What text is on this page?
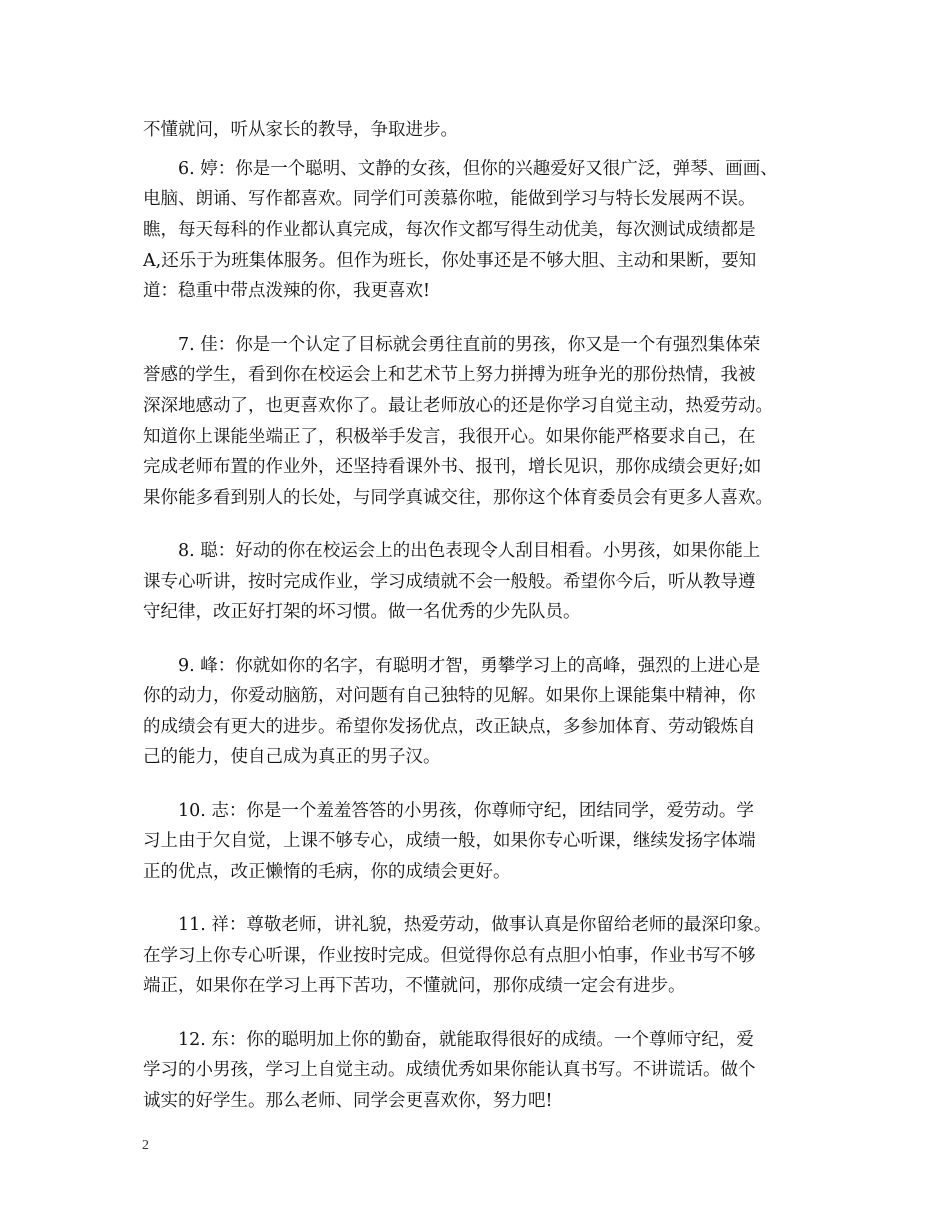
不懂就问，听从家长的教导，争取进步。
6. 婷：你是一个聪明、文静的女孩，但你的兴趣爱好又很广泛，弹琴、画画、
电脑、朗诵、写作都喜欢。同学们可羡慕你啦，能做到学习与特长发展两不误。
瞧，每天每科的作业都认真完成，每次作文都写得生动优美，每次测试成绩都是
A,还乐于为班集体服务。但作为班长，你处事还是不够大胆、主动和果断，要知
道：稳重中带点泼辣的你，我更喜欢!
7. 佳：你是一个认定了目标就会勇往直前的男孩，你又是一个有强烈集体荣
誉感的学生，看到你在校运会上和艺术节上努力拼搏为班争光的那份热情，我被
深深地感动了，也更喜欢你了。最让老师放心的还是你学习自觉主动，热爱劳动。
知道你上课能坐端正了，积极举手发言，我很开心。如果你能严格要求自己，在
完成老师布置的作业外，还坚持看课外书、报刊，增长见识，那你成绩会更好;如
果你能多看到别人的长处，与同学真诚交往，那你这个体育委员会有更多人喜欢。
8. 聪：好动的你在校运会上的出色表现令人刮目相看。小男孩，如果你能上
课专心听讲，按时完成作业，学习成绩就不会一般般。希望你今后，听从教导遵
守纪律，改正好打架的坏习惯。做一名优秀的少先队员。
9. 峰：你就如你的名字，有聪明才智，勇攀学习上的高峰，强烈的上进心是
你的动力，你爱动脑筋，对问题有自己独特的见解。如果你上课能集中精神，你
的成绩会有更大的进步。希望你发扬优点，改正缺点，多参加体育、劳动锻炼自
己的能力，使自己成为真正的男子汉。
10. 志：你是一个羞羞答答的小男孩，你尊师守纪，团结同学，爱劳动。学
习上由于欠自觉，上课不够专心，成绩一般，如果你专心听课，继续发扬字体端
正的优点，改正懒惰的毛病，你的成绩会更好。
11. 祥：尊敬老师，讲礼貌，热爱劳动，做事认真是你留给老师的最深印象。
在学习上你专心听课，作业按时完成。但觉得你总有点胆小怕事，作业书写不够
端正，如果你在学习上再下苦功，不懂就问，那你成绩一定会有进步。
12. 东：你的聪明加上你的勤奋，就能取得很好的成绩。一个尊师守纪，爱
学习的小男孩，学习上自觉主动。成绩优秀如果你能认真书写。不讲谎话。做个
诚实的好学生。那么老师、同学会更喜欢你，努力吧!
2
